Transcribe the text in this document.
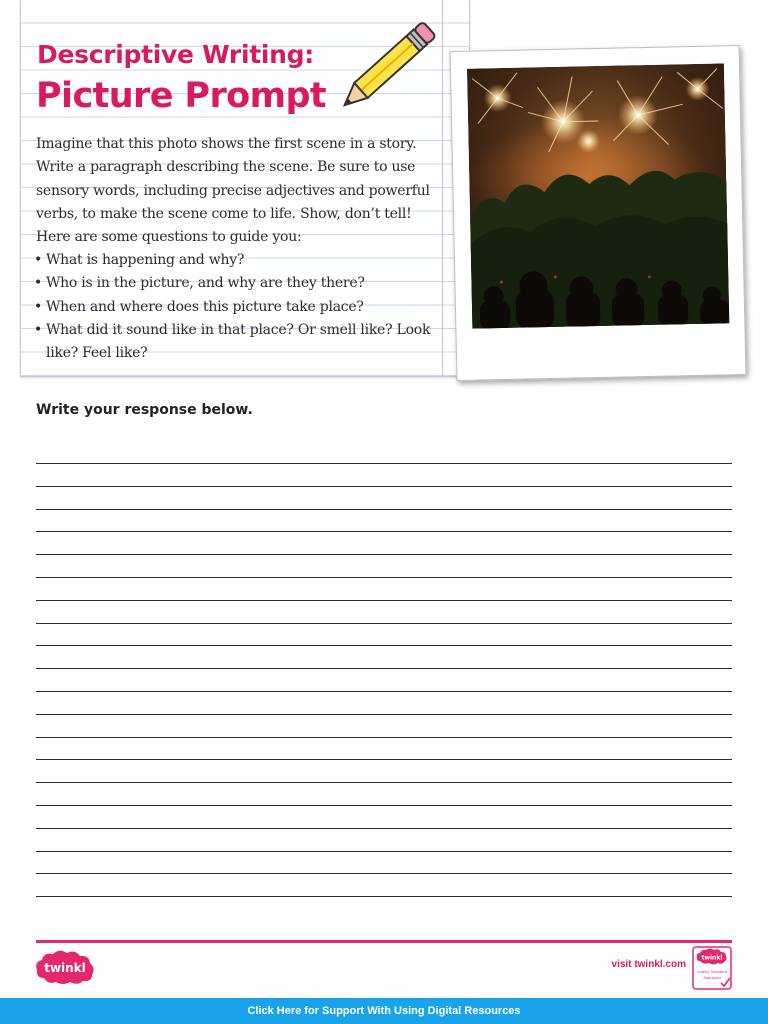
Descriptive Writing:
Picture Prompt

Imagine that this photo shows the first scene in a story. Write a paragraph describing the scene. Be sure to use sensory words, including precise adjectives and powerful verbs, to make the scene come to life. Show, don’t tell! Here are some questions to guide you:

• What is happening and why?
• Who is in the picture, and why are they there?
• When and where does this picture take place?
• What did it sound like in that place? Or smell like? Look like? Feel like?

Write your response below.

twinkl	visit twinkl.com

twinkl
Quality Standard
Approved
Click Here for Support With Using Digital Resources
